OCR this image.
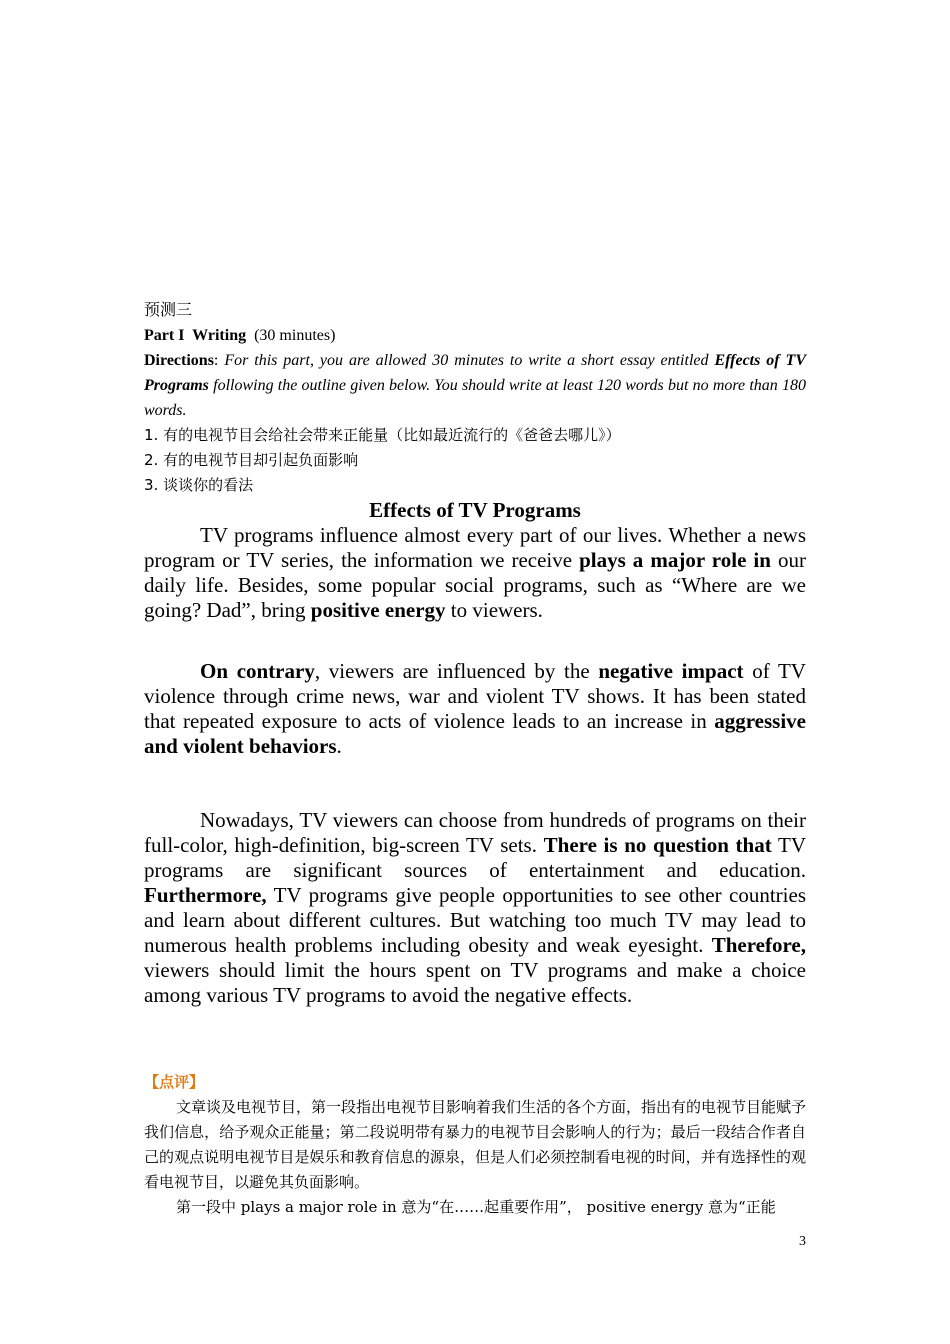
预测三
Part I Writing (30 minutes)
Directions: For this part, you are allowed 30 minutes to write a short essay entitled Effects of TV Programs following the outline given below. You should write at least 120 words but no more than 180 words.
1. 有的电视节目会给社会带来正能量（比如最近流行的《爸爸去哪儿》）
2. 有的电视节目却引起负面影响
3. 谈谈你的看法
Effects of TV Programs

TV programs influence almost every part of our lives. Whether a news program or TV series, the information we receive plays a major role in our daily life. Besides, some popular social programs, such as “Where are we going? Dad”, bring positive energy to viewers.

On contrary, viewers are influenced by the negative impact of TV violence through crime news, war and violent TV shows. It has been stated that repeated exposure to acts of violence leads to an increase in aggressive and violent behaviors.

Nowadays, TV viewers can choose from hundreds of programs on their full-color, high-definition, big-screen TV sets. There is no question that TV programs are significant sources of entertainment and education. Furthermore, TV programs give people opportunities to see other countries and learn about different cultures. But watching too much TV may lead to numerous health problems including obesity and weak eyesight. Therefore, viewers should limit the hours spent on TV programs and make a choice among various TV programs to avoid the negative effects.

【点评】

文章谈及电视节目，第一段指出电视节目影响着我们生活的各个方面，指出有的电视节目能赋予我们信息，给予观众正能量；第二段说明带有暴力的电视节目会影响人的行为；最后一段结合作者自己的观点说明电视节目是娱乐和教育信息的源泉，但是人们必须控制看电视的时间，并有选择性的观看电视节目，以避免其负面影响。

第一段中 plays a major role in 意为“在……起重要作用”， positive energy 意为“正能

3
